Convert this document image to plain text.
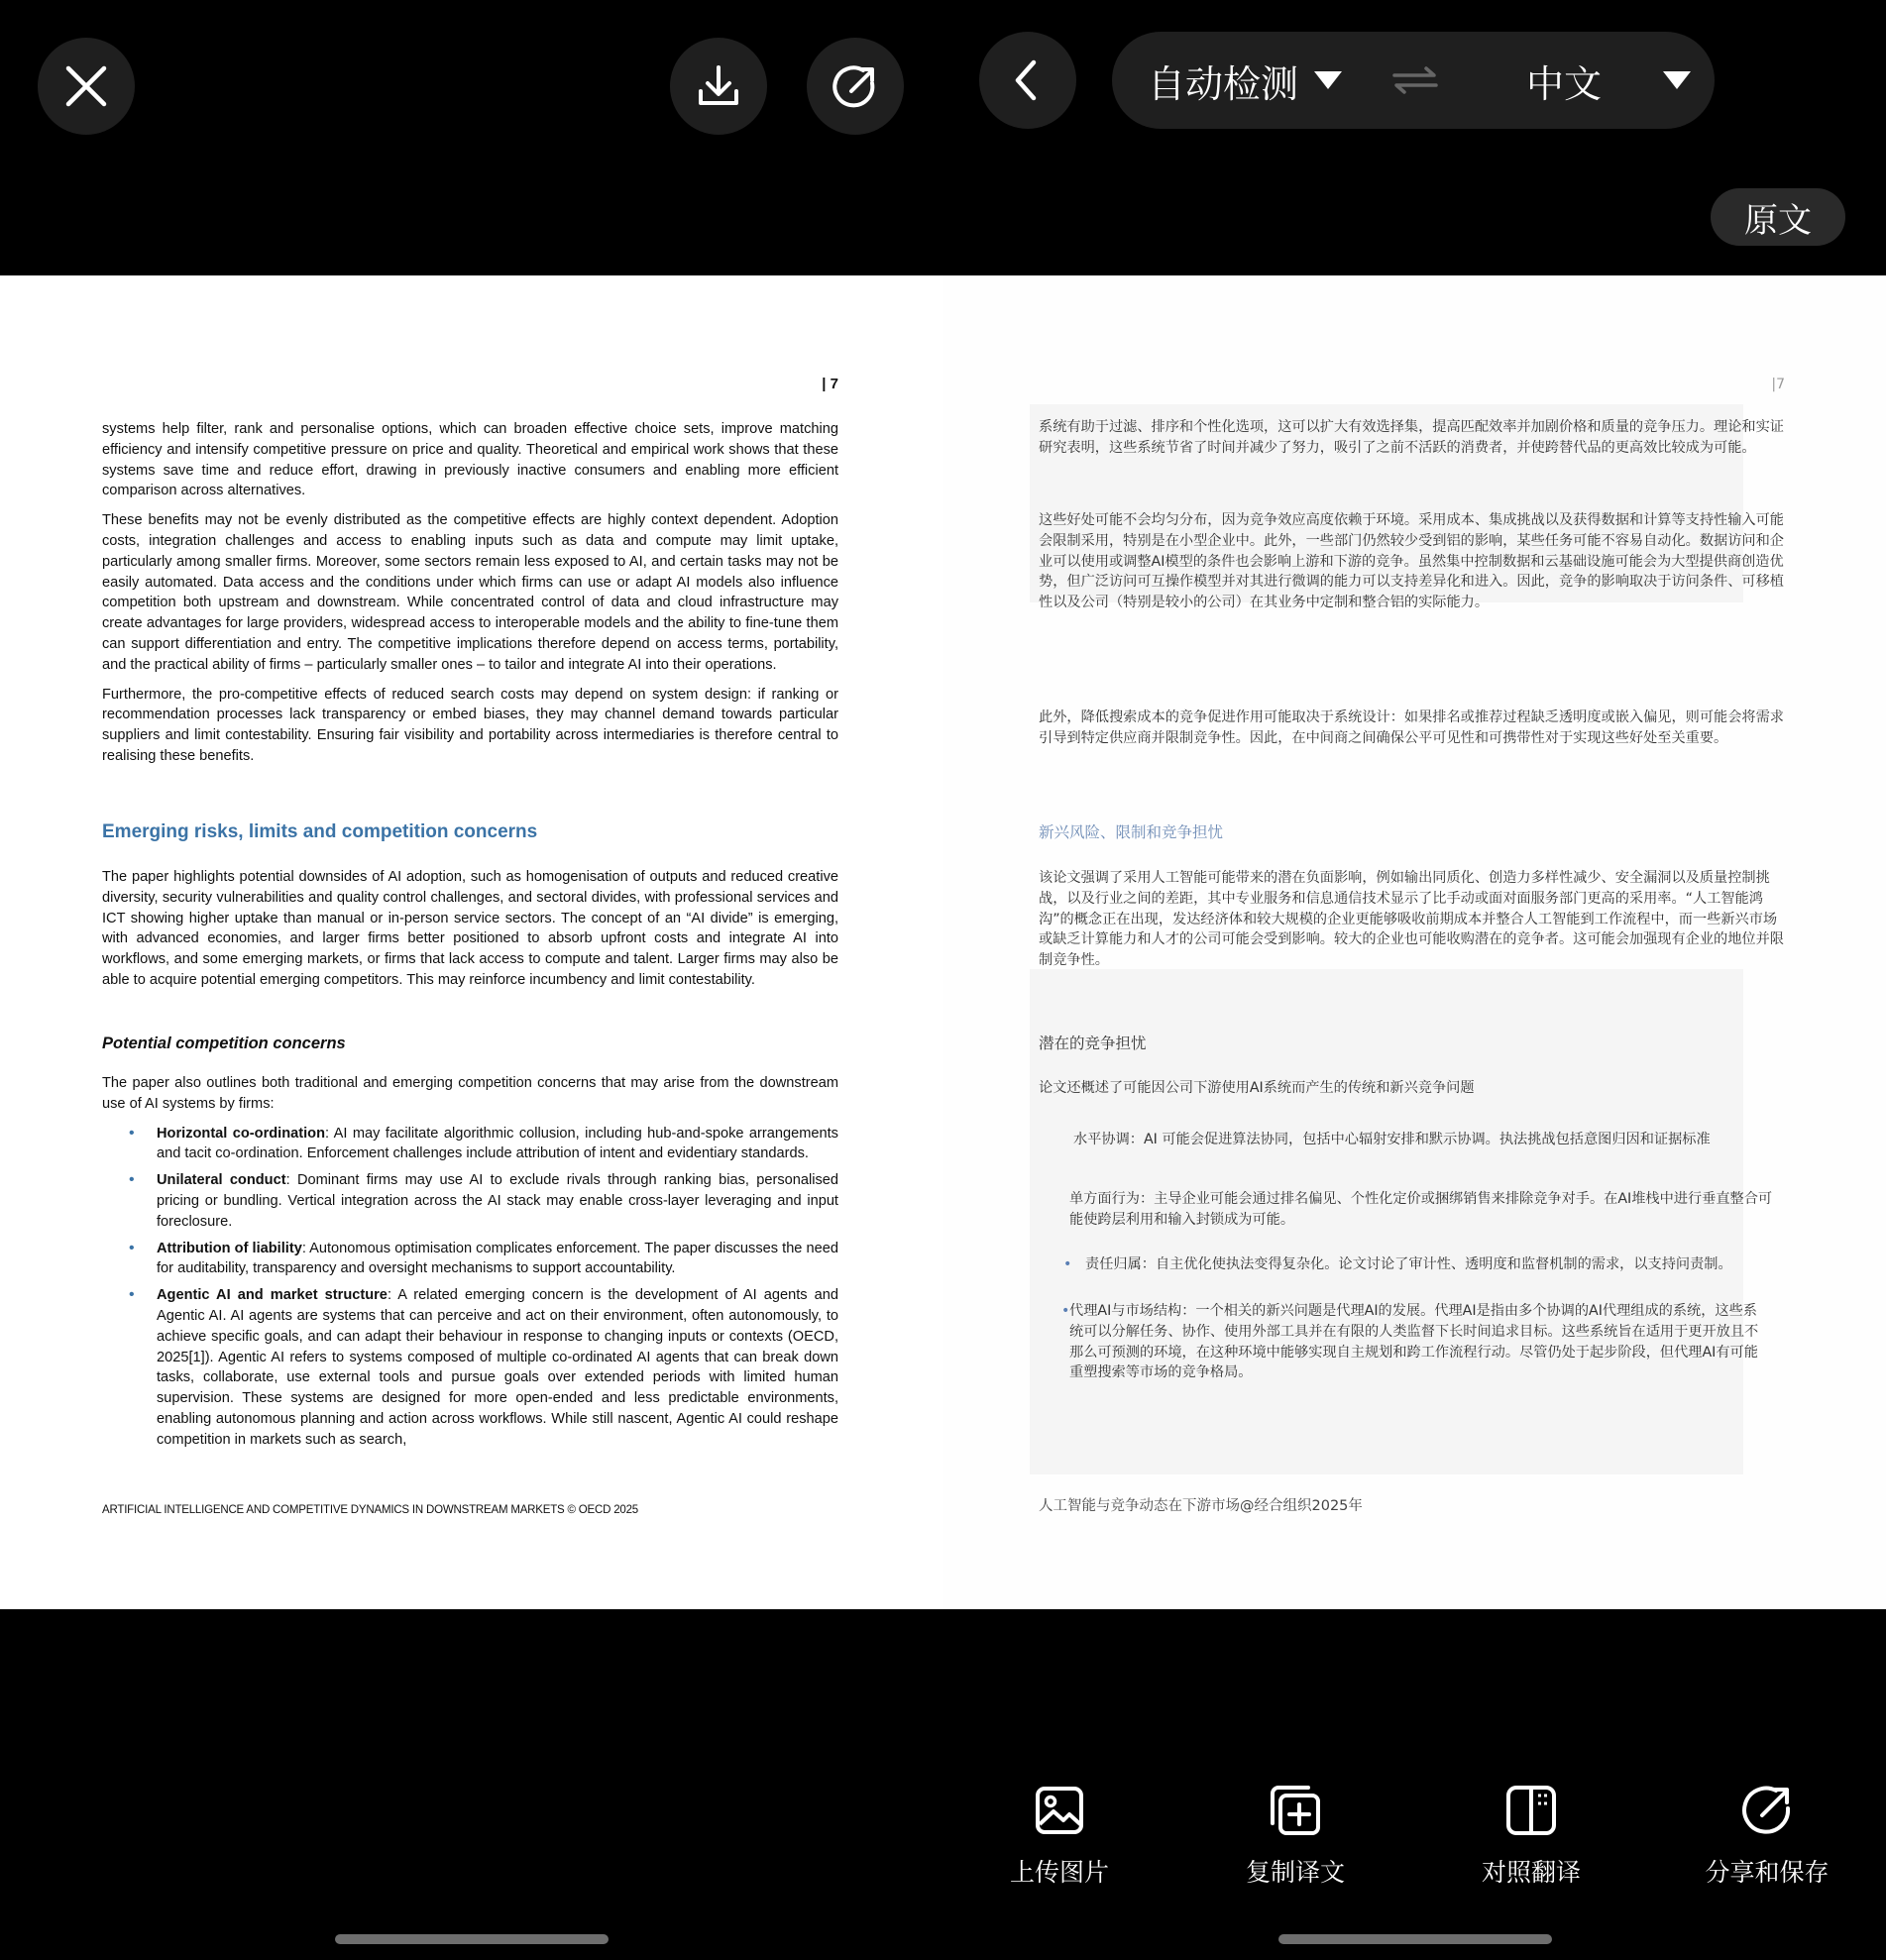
自动检测	中文
原文
| 7

systems help filter, rank and personalise options, which can broaden effective choice sets, improve matching efficiency and intensify competitive pressure on price and quality. Theoretical and empirical work shows that these systems save time and reduce effort, drawing in previously inactive consumers and enabling more efficient comparison across alternatives.

These benefits may not be evenly distributed as the competitive effects are highly context dependent. Adoption costs, integration challenges and access to enabling inputs such as data and compute may limit uptake, particularly among smaller firms. Moreover, some sectors remain less exposed to AI, and certain tasks may not be easily automated. Data access and the conditions under which firms can use or adapt AI models also influence competition both upstream and downstream. While concentrated control of data and cloud infrastructure may create advantages for large providers, widespread access to interoperable models and the ability to fine-tune them can support differentiation and entry. The competitive implications therefore depend on access terms, portability, and the practical ability of firms – particularly smaller ones – to tailor and integrate AI into their operations.

Furthermore, the pro-competitive effects of reduced search costs may depend on system design: if ranking or recommendation processes lack transparency or embed biases, they may channel demand towards particular suppliers and limit contestability. Ensuring fair visibility and portability across intermediaries is therefore central to realising these benefits.

Emerging risks, limits and competition concerns

The paper highlights potential downsides of AI adoption, such as homogenisation of outputs and reduced creative diversity, security vulnerabilities and quality control challenges, and sectoral divides, with professional services and ICT showing higher uptake than manual or in-person service sectors. The concept of an “AI divide” is emerging, with advanced economies, and larger firms better positioned to absorb upfront costs and integrate AI into workflows, and some emerging markets, or firms that lack access to compute and talent. Larger firms may also be able to acquire potential emerging competitors. This may reinforce incumbency and limit contestability.

Potential competition concerns

The paper also outlines both traditional and emerging competition concerns that may arise from the downstream use of AI systems by firms:

• Horizontal co-ordination: AI may facilitate algorithmic collusion, including hub-and-spoke arrangements and tacit co-ordination. Enforcement challenges include attribution of intent and evidentiary standards.
• Unilateral conduct: Dominant firms may use AI to exclude rivals through ranking bias, personalised pricing or bundling. Vertical integration across the AI stack may enable cross-layer leveraging and input foreclosure.
• Attribution of liability: Autonomous optimisation complicates enforcement. The paper discusses the need for auditability, transparency and oversight mechanisms to support accountability.
• Agentic AI and market structure: A related emerging concern is the development of AI agents and Agentic AI. AI agents are systems that can perceive and act on their environment, often autonomously, to achieve specific goals, and can adapt their behaviour in response to changing inputs or contexts (OECD, 2025[1]). Agentic AI refers to systems composed of multiple co-ordinated AI agents that can break down tasks, collaborate, use external tools and pursue goals over extended periods with limited human supervision. These systems are designed for more open-ended and less predictable environments, enabling autonomous planning and action across workflows. While still nascent, Agentic AI could reshape competition in markets such as search,
ARTIFICIAL INTELLIGENCE AND COMPETITIVE DYNAMICS IN DOWNSTREAM MARKETS © OECD 2025
|7

系统有助于过滤、排序和个性化选项，这可以扩大有效选择集，提高匹配效率并加剧价格和质量的竞争压力。理论和实证研究表明，这些系统节省了时间并减少了努力，吸引了之前不活跃的消费者，并使跨替代品的更高效比较成为可能。

这些好处可能不会均匀分布，因为竞争效应高度依赖于环境。采用成本、集成挑战以及获得数据和计算等支持性输入可能会限制采用，特别是在小型企业中。此外，一些部门仍然较少受到铝的影响，某些任务可能不容易自动化。数据访问和企业可以使用或调整AI模型的条件也会影响上游和下游的竞争。虽然集中控制数据和云基础设施可能会为大型提供商创造优势，但广泛访问可互操作模型并对其进行微调的能力可以支持差异化和进入。因此，竞争的影响取决于访问条件、可移植性以及公司（特别是较小的公司）在其业务中定制和整合铝的实际能力。

此外，降低搜索成本的竞争促进作用可能取决于系统设计：如果排名或推荐过程缺乏透明度或嵌入偏见，则可能会将需求引导到特定供应商并限制竞争性。因此，在中间商之间确保公平可见性和可携带性对于实现这些好处至关重要。

新兴风险、限制和竞争担忧

该论文强调了采用人工智能可能带来的潜在负面影响，例如输出同质化、创造力多样性减少、安全漏洞以及质量控制挑战，以及行业之间的差距，其中专业服务和信息通信技术显示了比手动或面对面服务部门更高的采用率。“人工智能鸿沟”的概念正在出现，发达经济体和较大规模的企业更能够吸收前期成本并整合人工智能到工作流程中，而一些新兴市场或缺乏计算能力和人才的公司可能会受到影响。较大的企业也可能收购潜在的竞争者。这可能会加强现有企业的地位并限制竞争性。

潜在的竞争担忧

论文还概述了可能因公司下游使用AI系统而产生的传统和新兴竞争问题

水平协调：AI 可能会促进算法协同，包括中心辐射安排和默示协调。执法挑战包括意图归因和证据标准

单方面行为：主导企业可能会通过排名偏见、个性化定价或捆绑销售来排除竞争对手。在AI堆栈中进行垂直整合可能使跨层利用和输入封锁成为可能。

• 责任归属：自主优化使执法变得复杂化。论文讨论了审计性、透明度和监督机制的需求，以支持问责制。

• 代理AI与市场结构：一个相关的新兴问题是代理AI的发展。代理AI是指由多个协调的AI代理组成的系统，这些系统可以分解任务、协作、使用外部工具并在有限的人类监督下长时间追求目标。这些系统旨在适用于更开放且不那么可预测的环境，在这种环境中能够实现自主规划和跨工作流程行动。尽管仍处于起步阶段，但代理AI有可能重塑搜索等市场的竞争格局。

人工智能与竞争动态在下游市场@经合组织2025年

上传图片	复制译文	对照翻译	分享和保存
